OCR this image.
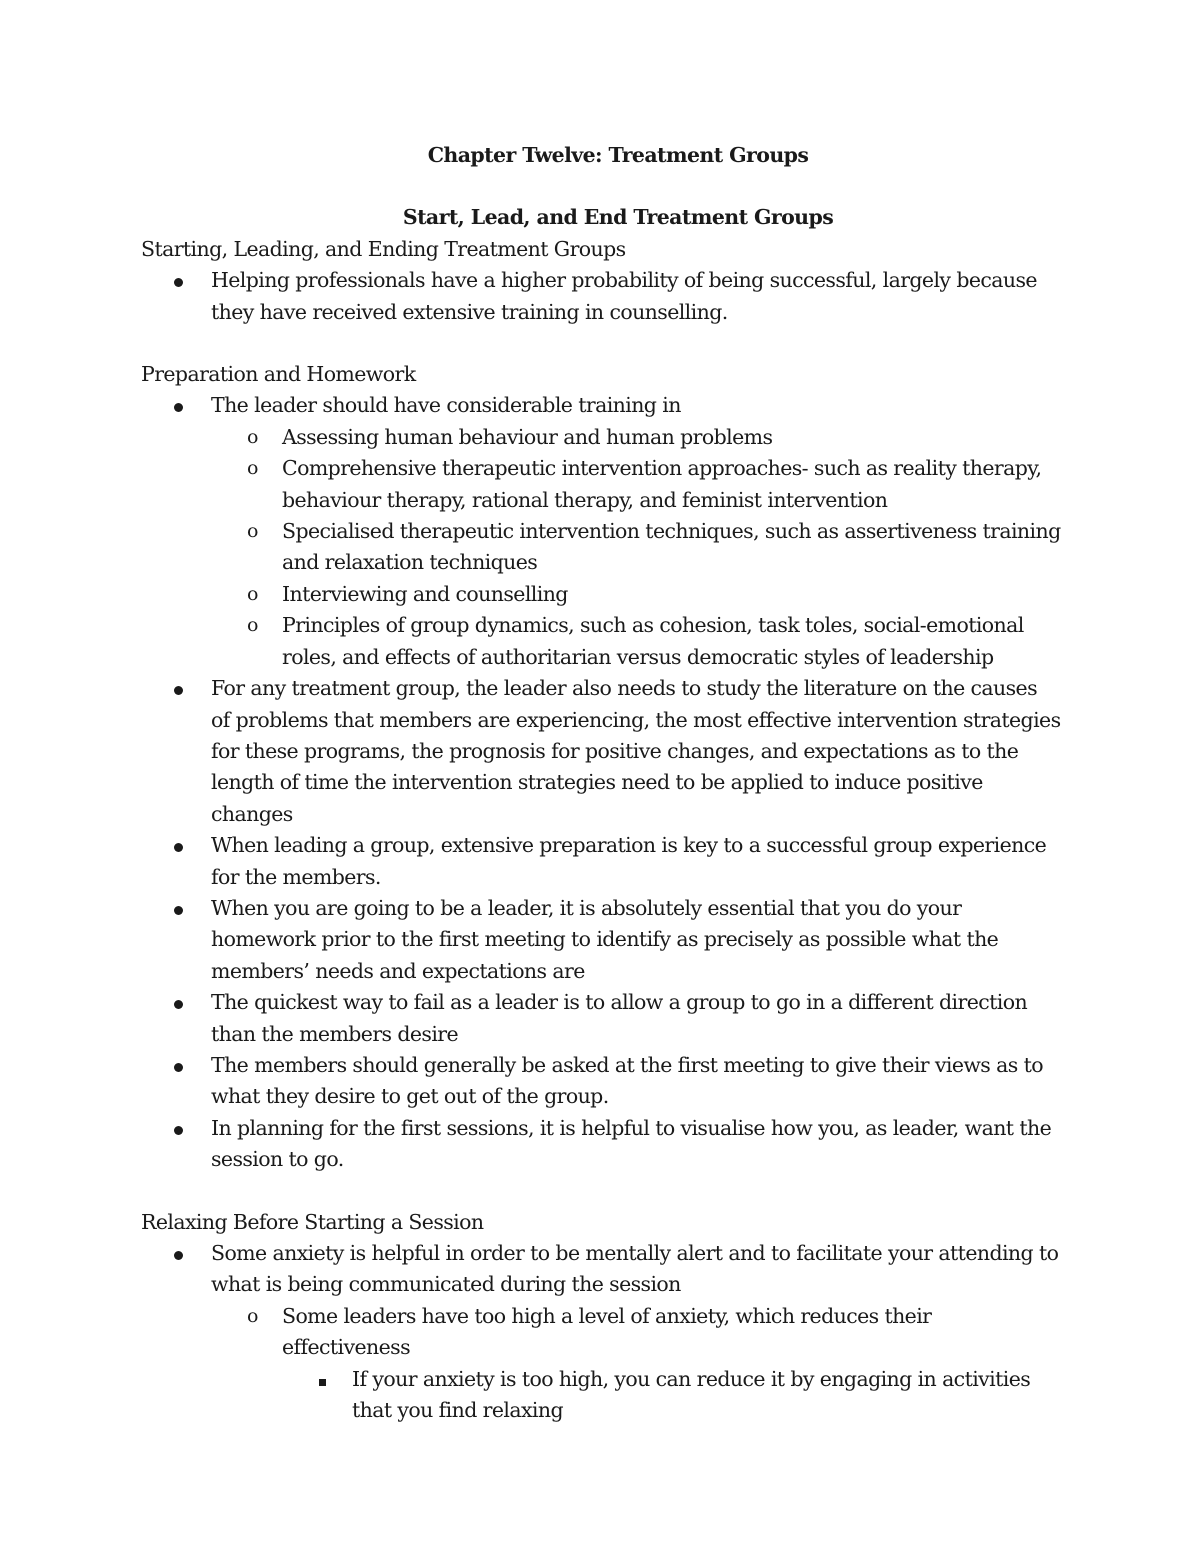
Chapter Twelve: Treatment Groups

Start, Lead, and End Treatment Groups

Starting, Leading, and Ending Treatment Groups

Helping professionals have a higher probability of being successful, largely because they have received extensive training in counselling.

Preparation and Homework

The leader should have considerable training in
o Assessing human behaviour and human problems
o Comprehensive therapeutic intervention approaches- such as reality therapy, behaviour therapy, rational therapy, and feminist intervention
o Specialised therapeutic intervention techniques, such as assertiveness training and relaxation techniques
o Interviewing and counselling
o Principles of group dynamics, such as cohesion, task toles, social-emotional roles, and effects of authoritarian versus democratic styles of leadership
For any treatment group, the leader also needs to study the literature on the causes of problems that members are experiencing, the most effective intervention strategies for these programs, the prognosis for positive changes, and expectations as to the length of time the intervention strategies need to be applied to induce positive changes
When leading a group, extensive preparation is key to a successful group experience for the members.
When you are going to be a leader, it is absolutely essential that you do your homework prior to the first meeting to identify as precisely as possible what the members’ needs and expectations are
The quickest way to fail as a leader is to allow a group to go in a different direction than the members desire
The members should generally be asked at the first meeting to give their views as to what they desire to get out of the group.
In planning for the first sessions, it is helpful to visualise how you, as leader, want the session to go.

Relaxing Before Starting a Session

Some anxiety is helpful in order to be mentally alert and to facilitate your attending to what is being communicated during the session
o Some leaders have too high a level of anxiety, which reduces their effectiveness
If your anxiety is too high, you can reduce it by engaging in activities that you find relaxing
